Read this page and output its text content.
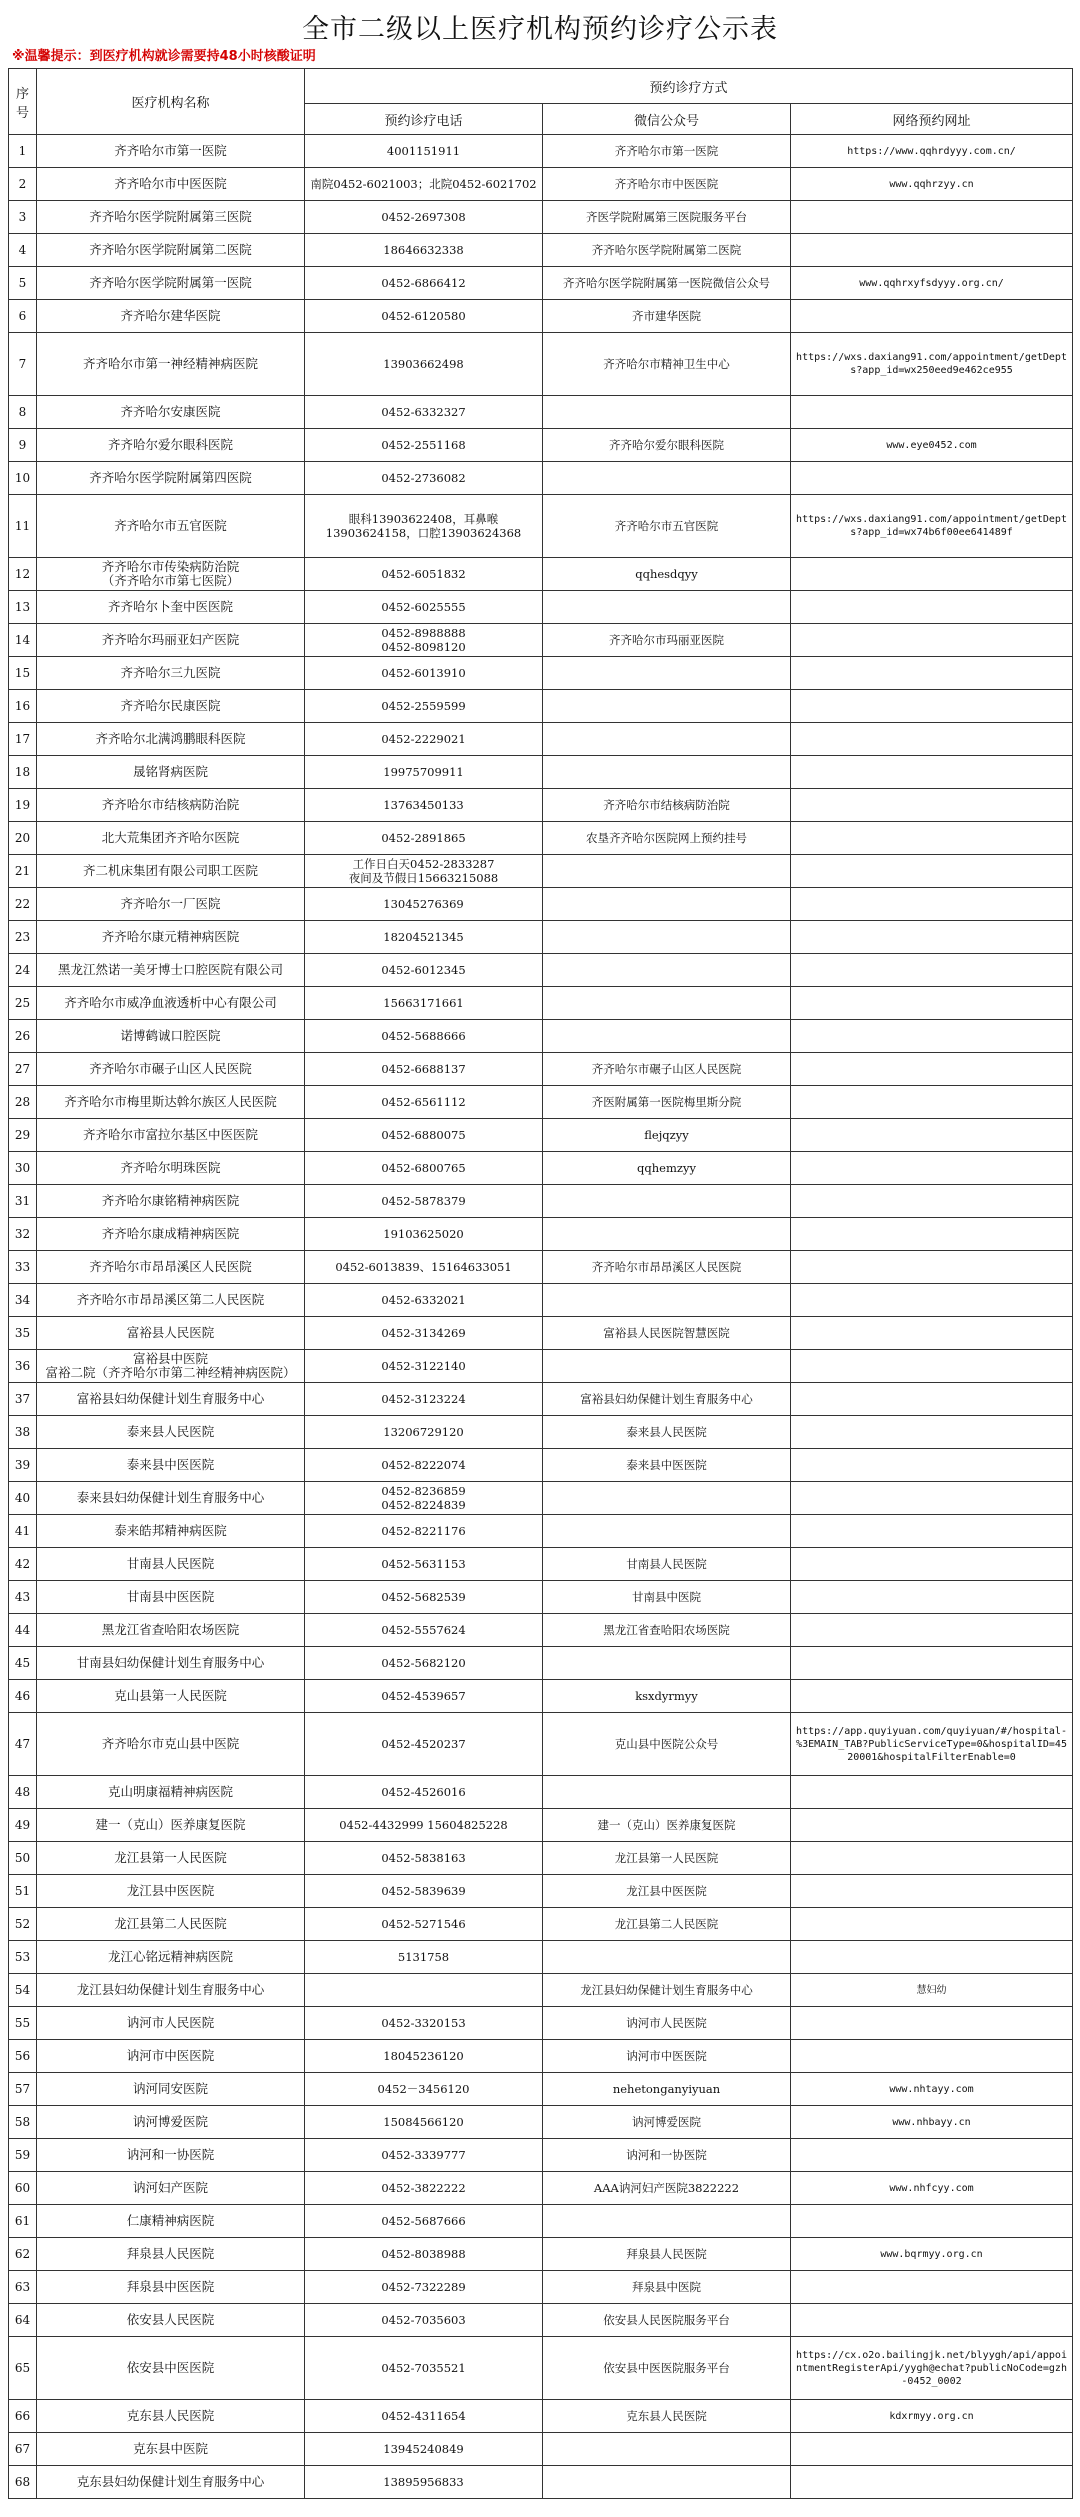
全市二级以上医疗机构预约诊疗公示表
※温馨提示：到医疗机构就诊需要持48小时核酸证明
序号	医疗机构名称	预约诊疗方式		
		预约诊疗电话	微信公众号	网络预约网址
1	齐齐哈尔市第一医院	4001151911	齐齐哈尔市第一医院	https://www.qqhrdyyy.com.cn/
2	齐齐哈尔市中医医院	南院0452-6021003；北院0452-6021702	齐齐哈尔市中医医院	www.qqhrzyy.cn
3	齐齐哈尔医学院附属第三医院	0452-2697308	齐医学院附属第三医院服务平台	
4	齐齐哈尔医学院附属第二医院	18646632338	齐齐哈尔医学院附属第二医院	
5	齐齐哈尔医学院附属第一医院	0452-6866412	齐齐哈尔医学院附属第一医院微信公众号	www.qqhrxyfsdyyy.org.cn/
6	齐齐哈尔建华医院	0452-6120580	齐市建华医院	
7	齐齐哈尔市第一神经精神病医院	13903662498	齐齐哈尔市精神卫生中心	https://wxs.daxiang91.com/appointment/getDepts?app_id=wx250eed9e462ce955
8	齐齐哈尔安康医院	0452-6332327		
9	齐齐哈尔爱尔眼科医院	0452-2551168	齐齐哈尔爱尔眼科医院	www.eye0452.com
10	齐齐哈尔医学院附属第四医院	0452-2736082		
11	齐齐哈尔市五官医院	眼科13903622408，耳鼻喉13903624158，口腔13903624368	齐齐哈尔市五官医院	https://wxs.daxiang91.com/appointment/getDepts?app_id=wx74b6f00ee641489f
12	齐齐哈尔市传染病防治院
（齐齐哈尔市第七医院）	0452-6051832	qqhesdqyy	
13	齐齐哈尔卜奎中医医院	0452-6025555		
14	齐齐哈尔玛丽亚妇产医院	0452-8988888
0452-8098120	齐齐哈尔市玛丽亚医院	
15	齐齐哈尔三九医院	0452-6013910		
16	齐齐哈尔民康医院	0452-2559599		
17	齐齐哈尔北满鸿鹏眼科医院	0452-2229021		
18	晟铭肾病医院	19975709911		
19	齐齐哈尔市结核病防治院	13763450133	齐齐哈尔市结核病防治院	
20	北大荒集团齐齐哈尔医院	0452-2891865	农垦齐齐哈尔医院网上预约挂号	
21	齐二机床集团有限公司职工医院	工作日白天0452-2833287
夜间及节假日15663215088		
22	齐齐哈尔一厂医院	13045276369		
23	齐齐哈尔康元精神病医院	18204521345		
24	黑龙江然诺一美牙博士口腔医院有限公司	0452-6012345		
25	齐齐哈尔市威净血液透析中心有限公司	15663171661		
26	诺博鹤诚口腔医院	0452-5688666		
27	齐齐哈尔市碾子山区人民医院	0452-6688137	齐齐哈尔市碾子山区人民医院	
28	齐齐哈尔市梅里斯达斡尔族区人民医院	0452-6561112	齐医附属第一医院梅里斯分院	
29	齐齐哈尔市富拉尔基区中医医院	0452-6880075	flejqzyy	
30	齐齐哈尔明珠医院	0452-6800765	qqhemzyy	
31	齐齐哈尔康铭精神病医院	0452-5878379		
32	齐齐哈尔康成精神病医院	19103625020		
33	齐齐哈尔市昂昂溪区人民医院	0452-6013839、15164633051	齐齐哈尔市昂昂溪区人民医院	
34	齐齐哈尔市昂昂溪区第二人民医院	0452-6332021		
35	富裕县人民医院	0452-3134269	富裕县人民医院智慧医院	
36	富裕县中医院
富裕二院（齐齐哈尔市第二神经精神病医院）	0452-3122140		
37	富裕县妇幼保健计划生育服务中心	0452-3123224	富裕县妇幼保健计划生育服务中心	
38	泰来县人民医院	13206729120	泰来县人民医院	
39	泰来县中医医院	0452-8222074	泰来县中医医院	
40	泰来县妇幼保健计划生育服务中心	0452-8236859
0452-8224839		
41	泰来皓邦精神病医院	0452-8221176		
42	甘南县人民医院	0452-5631153	甘南县人民医院	
43	甘南县中医医院	0452-5682539	甘南县中医院	
44	黑龙江省查哈阳农场医院	0452-5557624	黑龙江省查哈阳农场医院	
45	甘南县妇幼保健计划生育服务中心	0452-5682120		
46	克山县第一人民医院	0452-4539657	ksxdyrmyy	
47	齐齐哈尔市克山县中医院	0452-4520237	克山县中医院公众号	https://app.quyiyuan.com/quyiyuan/#/hospital-%3EMAIN_TAB?PublicServiceType=0&hospitalID=4520001&hospitalFilterEnable=0
48	克山明康福精神病医院	0452-4526016		
49	建一（克山）医养康复医院	0452-4432999 15604825228	建一（克山）医养康复医院	
50	龙江县第一人民医院	0452-5838163	龙江县第一人民医院	
51	龙江县中医医院	0452-5839639	龙江县中医医院	
52	龙江县第二人民医院	0452-5271546	龙江县第二人民医院	
53	龙江心铭远精神病医院	5131758		
54	龙江县妇幼保健计划生育服务中心		龙江县妇幼保健计划生育服务中心	慧妇幼
55	讷河市人民医院	0452-3320153	讷河市人民医院	
56	讷河市中医医院	18045236120	讷河市中医医院	
57	讷河同安医院	0452－3456120	nehetonganyiyuan	www.nhtayy.com
58	讷河博爱医院	15084566120	讷河博爱医院	www.nhbayy.cn
59	讷河和一协医院	0452-3339777	讷河和一协医院	
60	讷河妇产医院	0452-3822222	AAA讷河妇产医院3822222	www.nhfcyy.com
61	仁康精神病医院	0452-5687666		
62	拜泉县人民医院	0452-8038988	拜泉县人民医院	www.bqrmyy.org.cn
63	拜泉县中医医院	0452-7322289	拜泉县中医院	
64	依安县人民医院	0452-7035603	依安县人民医院服务平台	
65	依安县中医医院	0452-7035521	依安县中医医院服务平台	https://cx.o2o.bailingjk.net/blyygh/api/appointmentRegisterApi/yygh@echat?publicNoCode=gzh-0452_0002
66	克东县人民医院	0452-4311654	克东县人民医院	kdxrmyy.org.cn
67	克东县中医院	13945240849		
68	克东县妇幼保健计划生育服务中心	13895956833		
